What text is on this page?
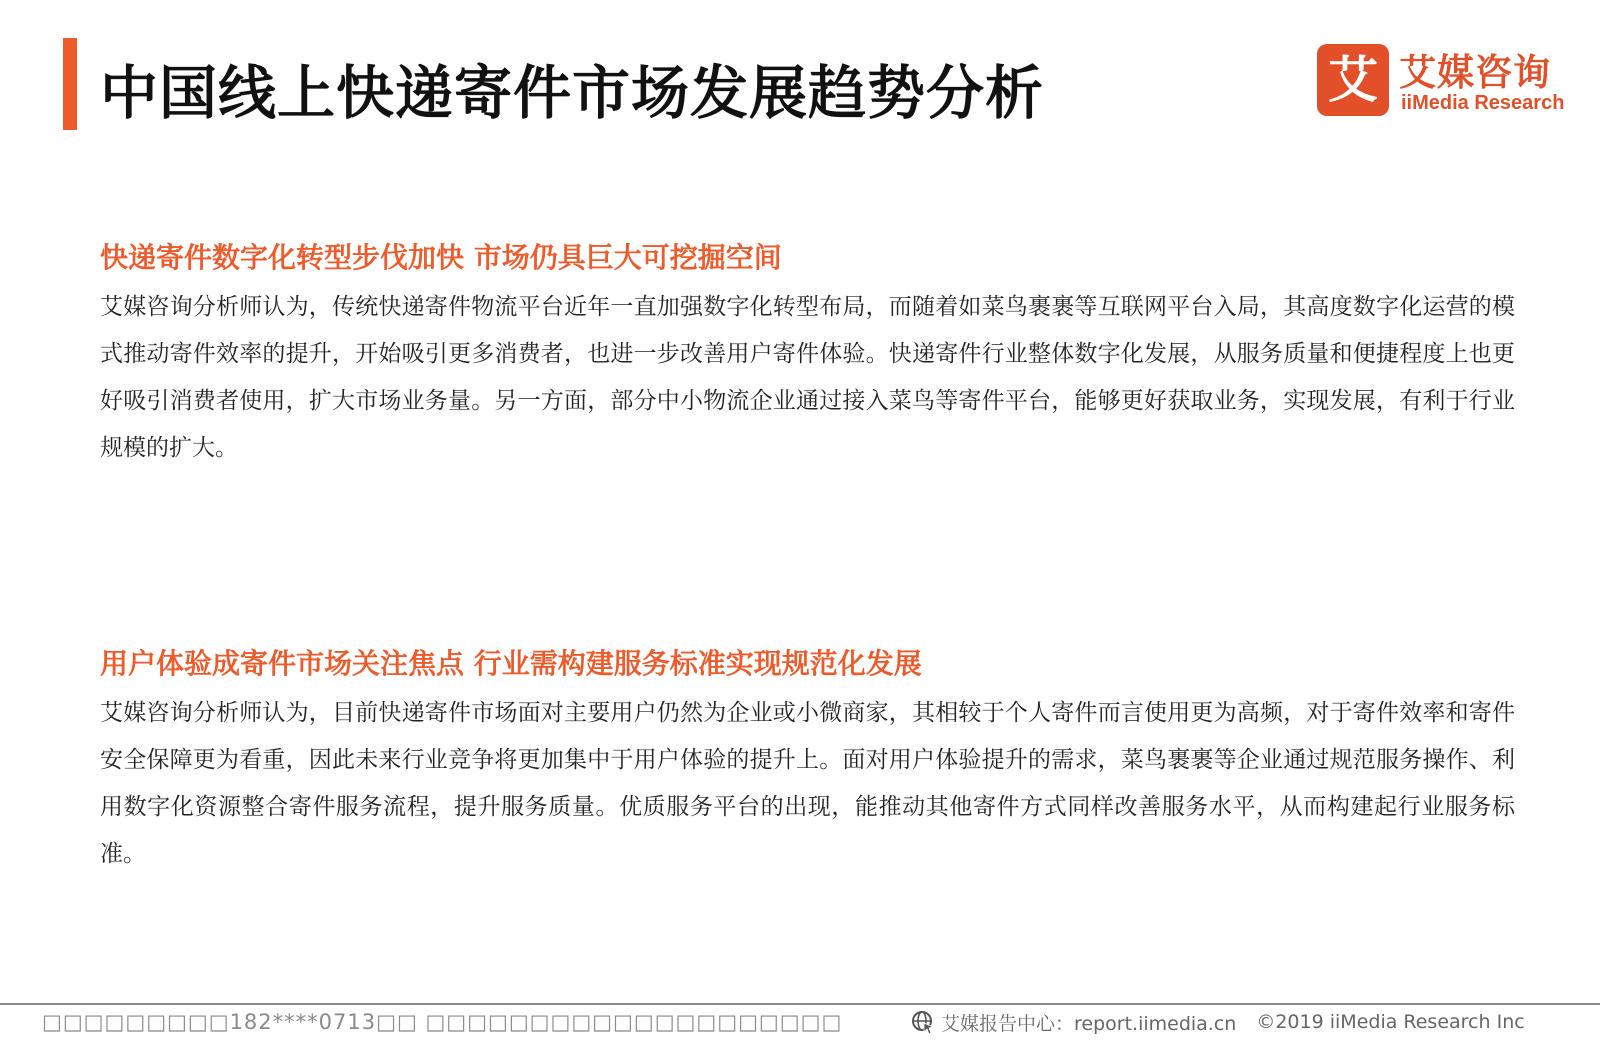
中国线上快递寄件市场发展趋势分析	艾 艾媒咨询
iiMedia Research
快递寄件数字化转型步伐加快 市场仍具巨大可挖掘空间

艾媒咨询分析师认为，传统快递寄件物流平台近年一直加强数字化转型布局，而随着如菜鸟裹裹等互联网平台入局，其高度数字化运营的模式推动寄件效率的提升，开始吸引更多消费者，也进一步改善用户寄件体验。快递寄件行业整体数字化发展，从服务质量和便捷程度上也更好吸引消费者使用，扩大市场业务量。另一方面，部分中小物流企业通过接入菜鸟等寄件平台，能够更好获取业务，实现发展，有利于行业规模的扩大。

用户体验成寄件市场关注焦点 行业需构建服务标准实现规范化发展

艾媒咨询分析师认为，目前快递寄件市场面对主要用户仍然为企业或小微商家，其相较于个人寄件而言使用更为高频，对于寄件效率和寄件安全保障更为看重，因此未来行业竞争将更加集中于用户体验的提升上。面对用户体验提升的需求，菜鸟裹裹等企业通过规范服务操作、利用数字化资源整合寄件服务流程，提升服务质量。优质服务平台的出现，能推动其他寄件方式同样改善服务水平，从而构建起行业服务标准。

□□□□□□□□□182****0713□□ □□□□□□□□□□□□□□□□□□□□	艾媒报告中心：report.iimedia.cn ©2019 iiMedia Research Inc
